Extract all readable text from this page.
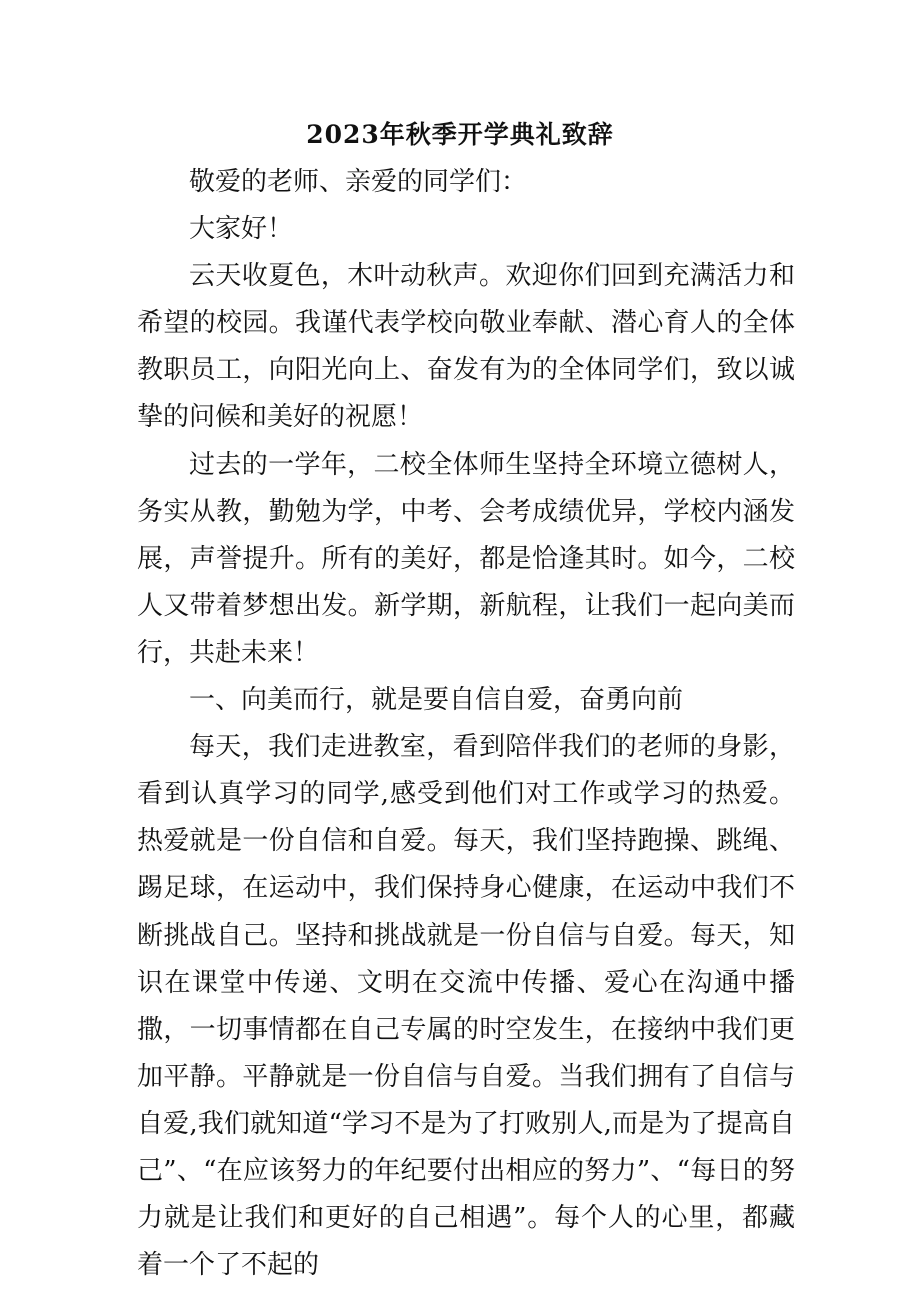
2023年秋季开学典礼致辞

敬爱的老师、亲爱的同学们：

大家好！

云天收夏色，木叶动秋声。欢迎你们回到充满活力和希望的校园。我谨代表学校向敬业奉献、潜心育人的全体教职员工，向阳光向上、奋发有为的全体同学们，致以诚挚的问候和美好的祝愿！

过去的一学年，二校全体师生坚持全环境立德树人，务实从教，勤勉为学，中考、会考成绩优异，学校内涵发展，声誉提升。所有的美好，都是恰逢其时。如今，二校人又带着梦想出发。新学期，新航程，让我们一起向美而行，共赴未来！

一、向美而行，就是要自信自爱，奋勇向前

每天，我们走进教室，看到陪伴我们的老师的身影，看到认真学习的同学,感受到他们对工作或学习的热爱。热爱就是一份自信和自爱。每天，我们坚持跑操、跳绳、踢足球，在运动中，我们保持身心健康，在运动中我们不断挑战自己。坚持和挑战就是一份自信与自爱。每天，知识在课堂中传递、文明在交流中传播、爱心在沟通中播撒，一切事情都在自己专属的时空发生，在接纳中我们更加平静。平静就是一份自信与自爱。当我们拥有了自信与自爱,我们就知道“学习不是为了打败别人,而是为了提高自己”、“在应该努力的年纪要付出相应的努力”、“每日的努力就是让我们和更好的自己相遇”。每个人的心里，都藏着一个了不起的
